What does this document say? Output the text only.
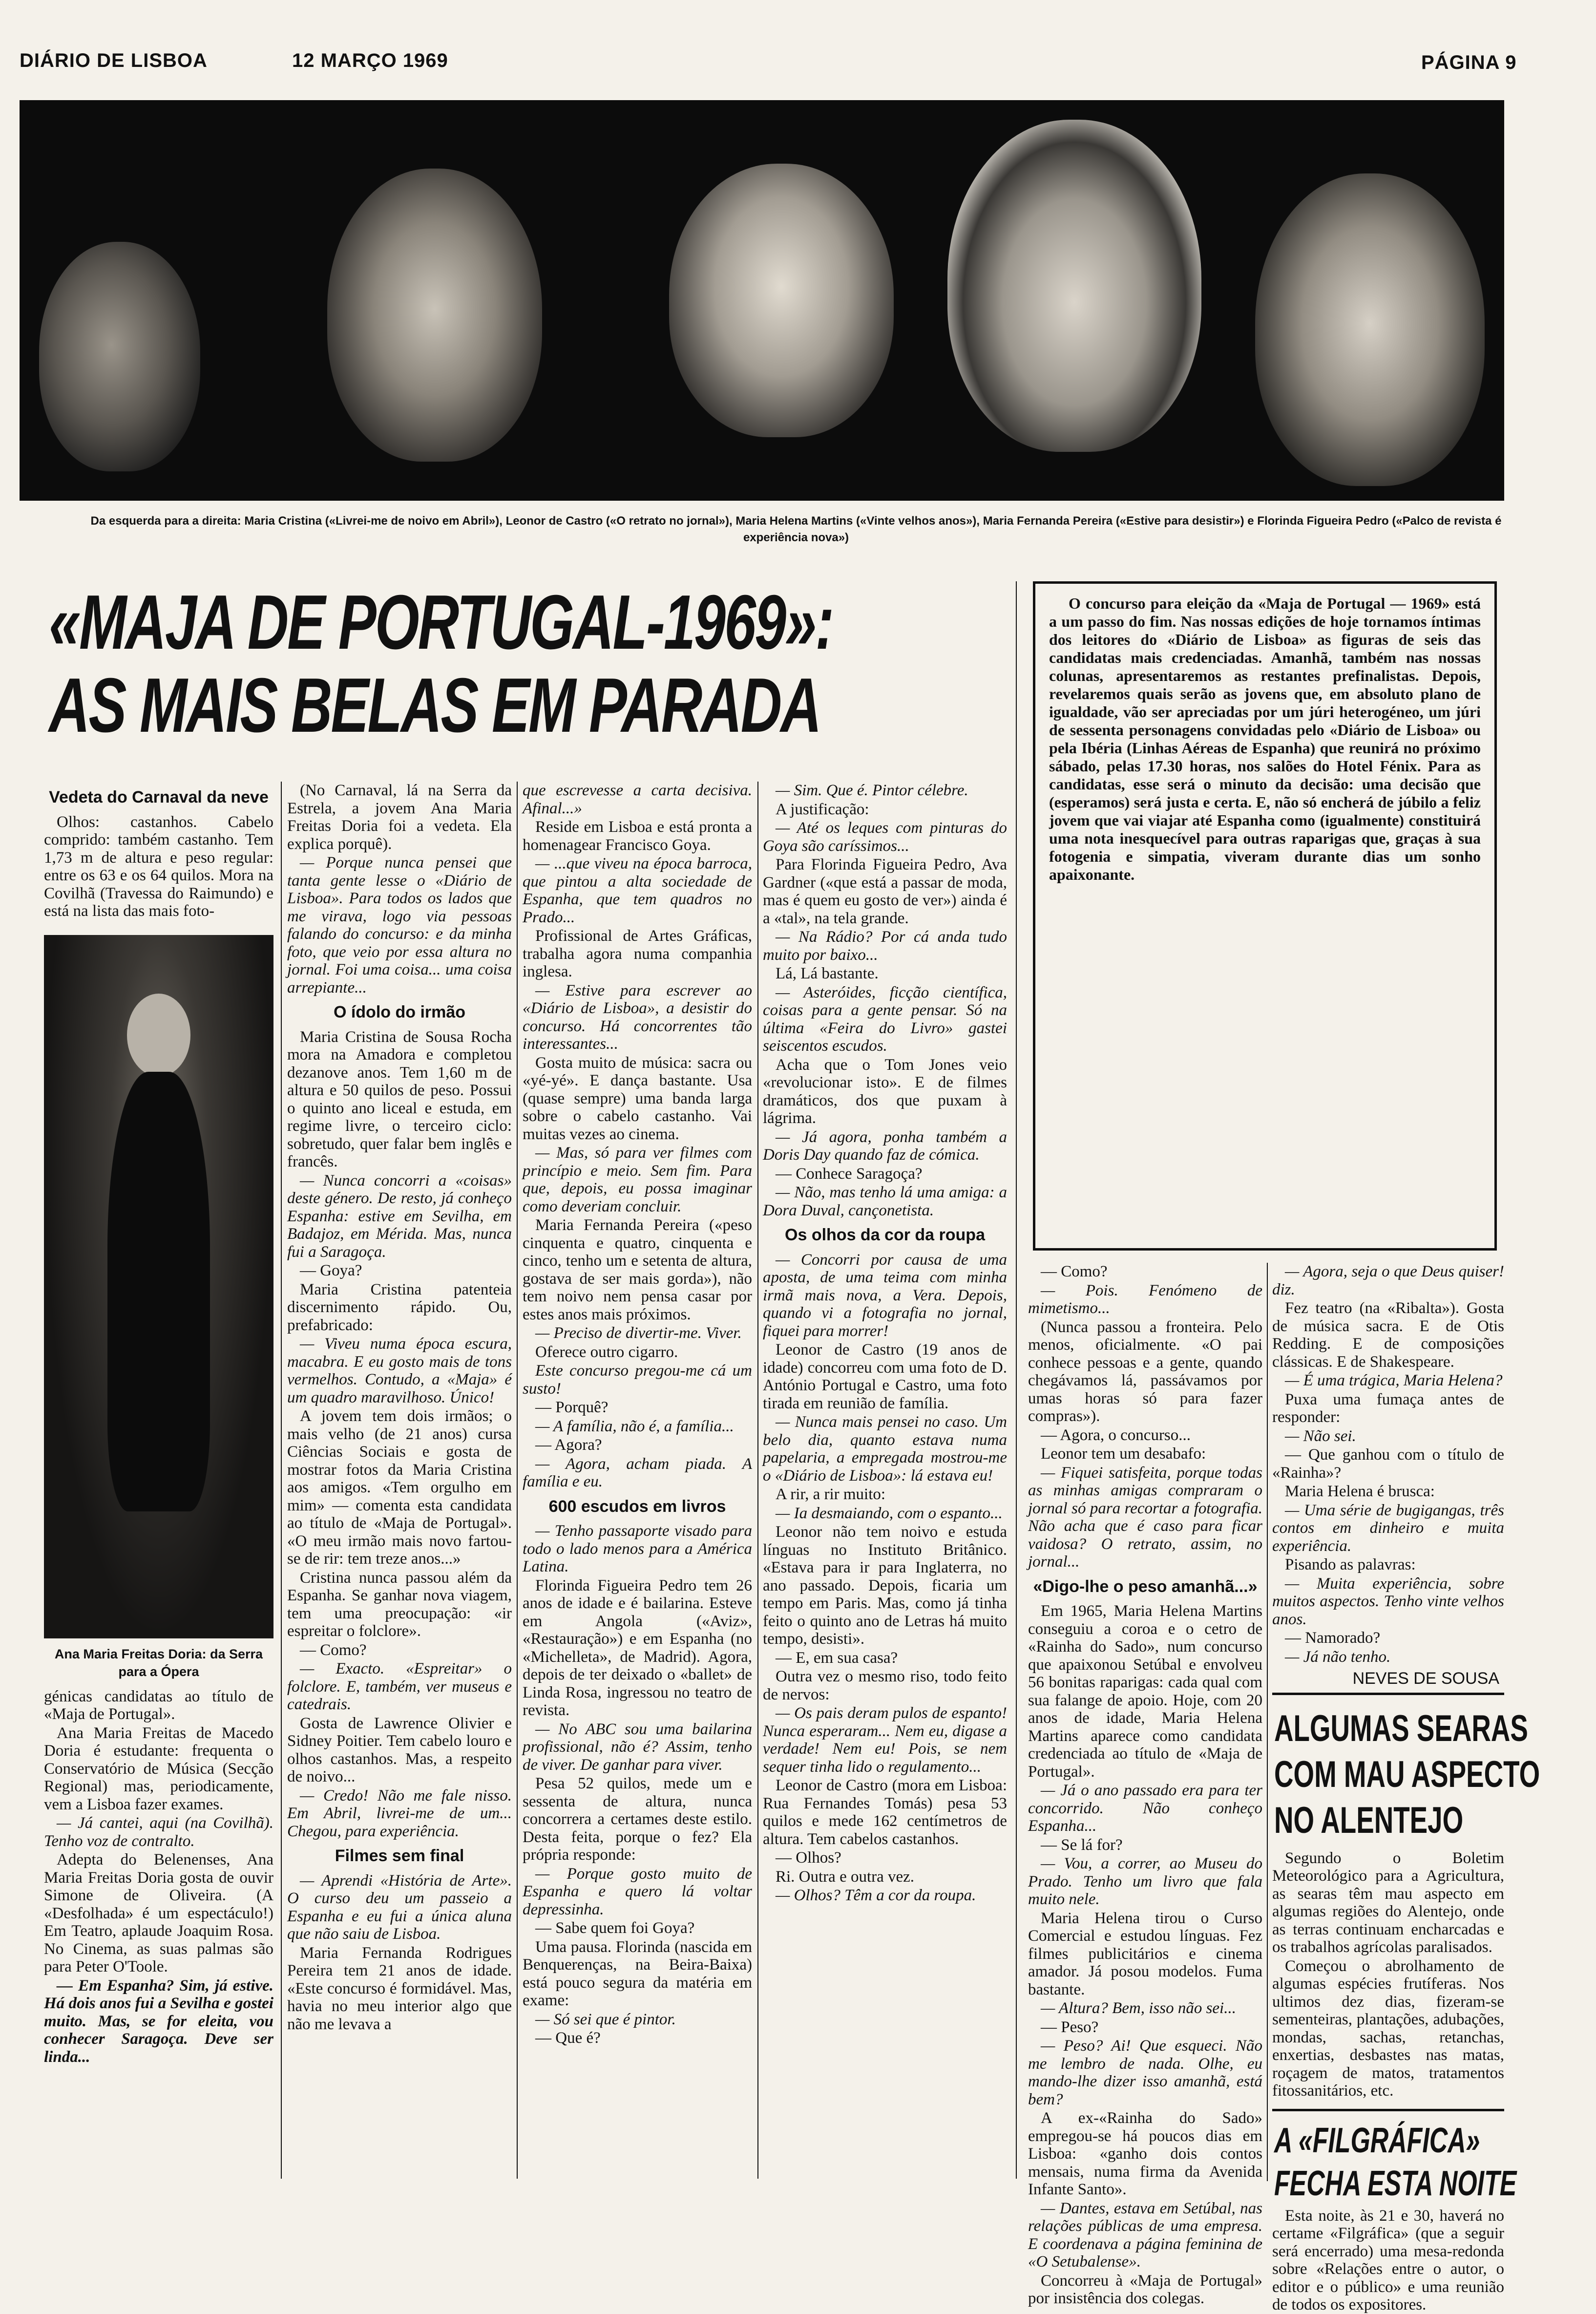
DIÁRIO DE LISBOA	12 MARÇO 1969	PÁGINA 9
Da esquerda para a direita: Maria Cristina («Livrei-me de noivo em Abril»), Leonor de Castro («O retrato no jornal»), Maria Helena Martins («Vinte velhos anos»), Maria Fernanda Pereira («Estive para desistir») e Florinda Figueira Pedro («Palco de revista é experiência nova»)
«MAJA DE PORTUGAL-1969»:
AS MAIS BELAS EM PARADA

O concurso para eleição da «Maja de Portugal — 1969» está a um passo do fim. Nas nossas edições de hoje tornamos íntimas dos leitores do «Diário de Lisboa» as figuras de seis das candidatas mais credenciadas. Amanhã, também nas nossas colunas, apresentaremos as restantes prefinalistas. Depois, revelaremos quais serão as jovens que, em absoluto plano de igualdade, vão ser apreciadas por um júri heterogéneo, um júri de sessenta personagens convidadas pelo «Diário de Lisboa» ou pela Ibéria (Linhas Aéreas de Espanha) que reunirá no próximo sábado, pelas 17.30 horas, nos salões do Hotel Fénix. Para as candidatas, esse será o minuto da decisão: uma decisão que (esperamos) será justa e certa. E, não só encherá de júbilo a feliz jovem que vai viajar até Espanha como (igualmente) constituirá uma nota inesquecível para outras raparigas que, graças à sua fotogenia e simpatia, viveram durante dias um sonho apaixonante.

Vedeta do Carnaval da neve

Olhos: castanhos. Cabelo comprido: também castanho. Tem 1,73 m de altura e peso regular: entre os 63 e os 64 quilos. Mora na Covilhã (Travessa do Raimundo) e está na lista das mais foto-

Ana Maria Freitas Doria: da Serra para a Ópera

génicas candidatas ao título de «Maja de Portugal».

Ana Maria Freitas de Macedo Doria é estudante: frequenta o Conservatório de Música (Secção Regional) mas, periodicamente, vem a Lisboa fazer exames.

— Já cantei, aqui (na Covilhã). Tenho voz de contralto.

Adepta do Belenenses, Ana Maria Freitas Doria gosta de ouvir Simone de Oliveira. (A «Desfolhada» é um espectáculo!) Em Teatro, aplaude Joaquim Rosa. No Cinema, as suas palmas são para Peter O'Toole.

— Em Espanha? Sim, já estive. Há dois anos fui a Sevilha e gostei muito. Mas, se for eleita, vou conhecer Saragoça. Deve ser linda...

(No Carnaval, lá na Serra da Estrela, a jovem Ana Maria Freitas Doria foi a vedeta. Ela explica porquê).

— Porque nunca pensei que tanta gente lesse o «Diário de Lisboa». Para todos os lados que me virava, logo via pessoas falando do concurso: e da minha foto, que veio por essa altura no jornal. Foi uma coisa... uma coisa arrepiante...

O ídolo do irmão

Maria Cristina de Sousa Rocha mora na Amadora e completou dezanove anos. Tem 1,60 m de altura e 50 quilos de peso. Possui o quinto ano liceal e estuda, em regime livre, o terceiro ciclo: sobretudo, quer falar bem inglês e francês.

— Nunca concorri a «coisas» deste género. De resto, já conheço Espanha: estive em Sevilha, em Badajoz, em Mérida. Mas, nunca fui a Saragoça.

— Goya?

Maria Cristina patenteia discernimento rápido. Ou, prefabricado:

— Viveu numa época escura, macabra. E eu gosto mais de tons vermelhos. Contudo, a «Maja» é um quadro maravilhoso. Único!

A jovem tem dois irmãos; o mais velho (de 21 anos) cursa Ciências Sociais e gosta de mostrar fotos da Maria Cristina aos amigos. «Tem orgulho em mim» — comenta esta candidata ao título de «Maja de Portugal». «O meu irmão mais novo fartou-se de rir: tem treze anos...»

Cristina nunca passou além da Espanha. Se ganhar nova viagem, tem uma preocupação: «ir espreitar o folclore».

— Como?

— Exacto. «Espreitar» o folclore. E, também, ver museus e catedrais.

Gosta de Lawrence Olivier e Sidney Poitier. Tem cabelo louro e olhos castanhos. Mas, a respeito de noivo...

— Credo! Não me fale nisso. Em Abril, livrei-me de um... Chegou, para experiência.

Filmes sem final

— Aprendi «História de Arte». O curso deu um passeio a Espanha e eu fui a única aluna que não saiu de Lisboa.

Maria Fernanda Rodrigues Pereira tem 21 anos de idade. «Este concurso é formidável. Mas, havia no meu interior algo que não me levava a

que escrevesse a carta decisiva. Afinal...»

Reside em Lisboa e está pronta a homenagear Francisco Goya.

— ...que viveu na época barroca, que pintou a alta sociedade de Espanha, que tem quadros no Prado...

Profissional de Artes Gráficas, trabalha agora numa companhia inglesa.

— Estive para escrever ao «Diário de Lisboa», a desistir do concurso. Há concorrentes tão interessantes...

Gosta muito de música: sacra ou «yé-yé». E dança bastante. Usa (quase sempre) uma banda larga sobre o cabelo castanho. Vai muitas vezes ao cinema.

— Mas, só para ver filmes com princípio e meio. Sem fim. Para que, depois, eu possa imaginar como deveriam concluir.

Maria Fernanda Pereira («peso cinquenta e quatro, cinquenta e cinco, tenho um e setenta de altura, gostava de ser mais gorda»), não tem noivo nem pensa casar por estes anos mais próximos.

— Preciso de divertir-me. Viver.

Oferece outro cigarro.

Este concurso pregou-me cá um susto!

— Porquê?

— A família, não é, a família...

— Agora?

— Agora, acham piada. A família e eu.

600 escudos em livros

— Tenho passaporte visado para todo o lado menos para a América Latina.

Florinda Figueira Pedro tem 26 anos de idade e é bailarina. Esteve em Angola («Aviz», «Restauração») e em Espanha (no «Michelleta», de Madrid). Agora, depois de ter deixado o «ballet» de Linda Rosa, ingressou no teatro de revista.

— No ABC sou uma bailarina profissional, não é? Assim, tenho de viver. De ganhar para viver.

Pesa 52 quilos, mede um e sessenta de altura, nunca concorrera a certames deste estilo. Desta feita, porque o fez? Ela própria responde:

— Porque gosto muito de Espanha e quero lá voltar depressinha.

— Sabe quem foi Goya?

Uma pausa. Florinda (nascida em Benquerenças, na Beira-Baixa) está pouco segura da matéria em exame:

— Só sei que é pintor.

— Que é?

— Sim. Que é. Pintor célebre.

A justificação:

— Até os leques com pinturas do Goya são caríssimos...

Para Florinda Figueira Pedro, Ava Gardner («que está a passar de moda, mas é quem eu gosto de ver») ainda é a «tal», na tela grande.

— Na Rádio? Por cá anda tudo muito por baixo...

Lá, Lá bastante.

— Asteróides, ficção científica, coisas para a gente pensar. Só na última «Feira do Livro» gastei seiscentos escudos.

Acha que o Tom Jones veio «revolucionar isto». E de filmes dramáticos, dos que puxam à lágrima.

— Já agora, ponha também a Doris Day quando faz de cómica.

— Conhece Saragoça?

— Não, mas tenho lá uma amiga: a Dora Duval, cançonetista.

Os olhos da cor da roupa

— Concorri por causa de uma aposta, de uma teima com minha irmã mais nova, a Vera. Depois, quando vi a fotografia no jornal, fiquei para morrer!

Leonor de Castro (19 anos de idade) concorreu com uma foto de D. António Portugal e Castro, uma foto tirada em reunião de família.

— Nunca mais pensei no caso. Um belo dia, quanto estava numa papelaria, a empregada mostrou-me o «Diário de Lisboa»: lá estava eu!

A rir, a rir muito:

— Ia desmaiando, com o espanto...

Leonor não tem noivo e estuda línguas no Instituto Britânico. «Estava para ir para Inglaterra, no ano passado. Depois, ficaria um tempo em Paris. Mas, como já tinha feito o quinto ano de Letras há muito tempo, desisti».

— E, em sua casa?

Outra vez o mesmo riso, todo feito de nervos:

— Os pais deram pulos de espanto! Nunca esperaram... Nem eu, digase a verdade! Nem eu! Pois, se nem sequer tinha lido o regulamento...

Leonor de Castro (mora em Lisboa: Rua Fernandes Tomás) pesa 53 quilos e mede 162 centímetros de altura. Tem cabelos castanhos.

— Olhos?

Ri. Outra e outra vez.

— Olhos? Têm a cor da roupa.

— Como?

— Pois. Fenómeno de mimetismo...

(Nunca passou a fronteira. Pelo menos, oficialmente. «O pai conhece pessoas e a gente, quando chegávamos lá, passávamos por umas horas só para fazer compras»).

— Agora, o concurso...

Leonor tem um desabafo:

— Fiquei satisfeita, porque todas as minhas amigas compraram o jornal só para recortar a fotografia. Não acha que é caso para ficar vaidosa? O retrato, assim, no jornal...

«Digo-lhe o peso amanhã...»

Em 1965, Maria Helena Martins conseguiu a coroa e o cetro de «Rainha do Sado», num concurso que apaixonou Setúbal e envolveu 56 bonitas raparigas: cada qual com sua falange de apoio. Hoje, com 20 anos de idade, Maria Helena Martins aparece como candidata credenciada ao título de «Maja de Portugal».

— Já o ano passado era para ter concorrido. Não conheço Espanha...

— Se lá for?

— Vou, a correr, ao Museu do Prado. Tenho um livro que fala muito nele.

Maria Helena tirou o Curso Comercial e estudou línguas. Fez filmes publicitários e cinema amador. Já posou modelos. Fuma bastante.

— Altura? Bem, isso não sei...

— Peso?

— Peso? Ai! Que esqueci. Não me lembro de nada. Olhe, eu mando-lhe dizer isso amanhã, está bem?

A ex-«Rainha do Sado» empregou-se há poucos dias em Lisboa: «ganho dois contos mensais, numa firma da Avenida Infante Santo».

— Dantes, estava em Setúbal, nas relações públicas de uma empresa. E coordenava a página feminina de «O Setubalense».

Concorreu à «Maja de Portugal» por insistência dos colegas.

— Agora, seja o que Deus quiser! diz.

Fez teatro (na «Ribalta»). Gosta de música sacra. E de Otis Redding. E de composições clássicas. E de Shakespeare.

— É uma trágica, Maria Helena?

Puxa uma fumaça antes de responder:

— Não sei.

— Que ganhou com o título de «Rainha»?

Maria Helena é brusca:

— Uma série de bugigangas, três contos em dinheiro e muita experiência.

Pisando as palavras:

— Muita experiência, sobre muitos aspectos. Tenho vinte velhos anos.

— Namorado?

— Já não tenho.

NEVES DE SOUSA

ALGUMAS SEARAS
COM MAU ASPECTO
NO ALENTEJO

Segundo o Boletim Meteorológico para a Agricultura, as searas têm mau aspecto em algumas regiões do Alentejo, onde as terras continuam encharcadas e os trabalhos agrícolas paralisados.

Começou o abrolhamento de algumas espécies frutíferas. Nos ultimos dez dias, fizeram-se sementeiras, plantações, adubações, mondas, sachas, retanchas, enxertias, desbastes nas matas, roçagem de matos, tratamentos fitossanitários, etc.

A «FILGRÁFICA»
FECHA ESTA NOITE

Esta noite, às 21 e 30, haverá no certame «Filgráfica» (que a seguir será encerrado) uma mesa-redonda sobre «Relações entre o autor, o editor e o público» e uma reunião de todos os expositores.
